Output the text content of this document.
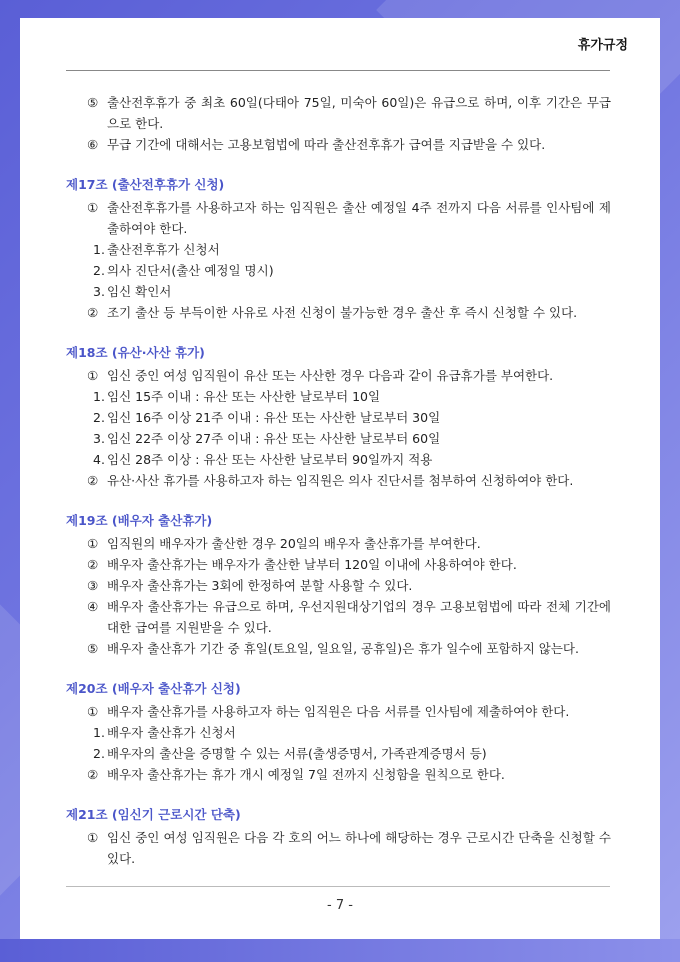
휴가규정
⑤ 출산전후휴가 중 최초 60일(다태아 75일, 미숙아 60일)은 유급으로 하며, 이후 기간은 무급으로 한다.
⑥ 무급 기간에 대해서는 고용보험법에 따라 출산전후휴가 급여를 지급받을 수 있다.
제17조 (출산전후휴가 신청)
① 출산전후휴가를 사용하고자 하는 임직원은 출산 예정일 4주 전까지 다음 서류를 인사팀에 제출하여야 한다.
1. 출산전후휴가 신청서
2. 의사 진단서(출산 예정일 명시)
3. 임신 확인서
② 조기 출산 등 부득이한 사유로 사전 신청이 불가능한 경우 출산 후 즉시 신청할 수 있다.
제18조 (유산·사산 휴가)
① 임신 중인 여성 임직원이 유산 또는 사산한 경우 다음과 같이 유급휴가를 부여한다.
1. 임신 15주 이내 : 유산 또는 사산한 날로부터 10일
2. 임신 16주 이상 21주 이내 : 유산 또는 사산한 날로부터 30일
3. 임신 22주 이상 27주 이내 : 유산 또는 사산한 날로부터 60일
4. 임신 28주 이상 : 유산 또는 사산한 날로부터 90일까지 적용
② 유산·사산 휴가를 사용하고자 하는 임직원은 의사 진단서를 첨부하여 신청하여야 한다.
제19조 (배우자 출산휴가)
① 임직원의 배우자가 출산한 경우 20일의 배우자 출산휴가를 부여한다.
② 배우자 출산휴가는 배우자가 출산한 날부터 120일 이내에 사용하여야 한다.
③ 배우자 출산휴가는 3회에 한정하여 분할 사용할 수 있다.
④ 배우자 출산휴가는 유급으로 하며, 우선지원대상기업의 경우 고용보험법에 따라 전체 기간에 대한 급여를 지원받을 수 있다.
⑤ 배우자 출산휴가 기간 중 휴일(토요일, 일요일, 공휴일)은 휴가 일수에 포함하지 않는다.
제20조 (배우자 출산휴가 신청)
① 배우자 출산휴가를 사용하고자 하는 임직원은 다음 서류를 인사팀에 제출하여야 한다.
1. 배우자 출산휴가 신청서
2. 배우자의 출산을 증명할 수 있는 서류(출생증명서, 가족관계증명서 등)
② 배우자 출산휴가는 휴가 개시 예정일 7일 전까지 신청함을 원칙으로 한다.
제21조 (임신기 근로시간 단축)
① 임신 중인 여성 임직원은 다음 각 호의 어느 하나에 해당하는 경우 근로시간 단축을 신청할 수 있다.
- 7 -
